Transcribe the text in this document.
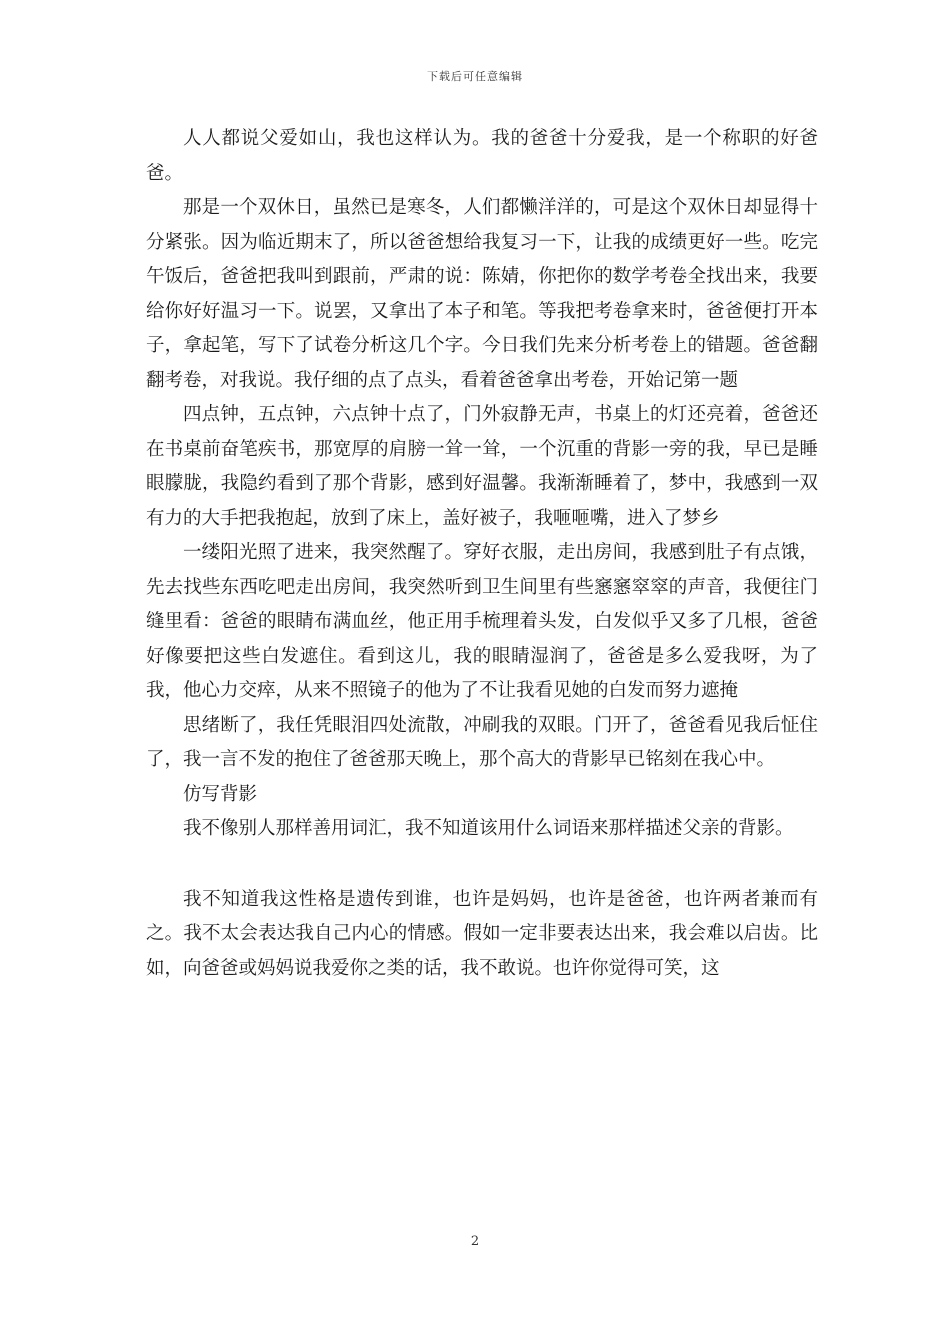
下载后可任意编辑

人人都说父爱如山，我也这样认为。我的爸爸十分爱我，是一个称职的好爸爸。

那是一个双休日，虽然已是寒冬，人们都懒洋洋的，可是这个双休日却显得十分紧张。因为临近期末了，所以爸爸想给我复习一下，让我的成绩更好一些。吃完午饭后，爸爸把我叫到跟前，严肃的说：陈婧，你把你的数学考卷全找出来，我要给你好好温习一下。说罢，又拿出了本子和笔。等我把考卷拿来时，爸爸便打开本子，拿起笔，写下了试卷分析这几个字。今日我们先来分析考卷上的错题。爸爸翻翻考卷，对我说。我仔细的点了点头，看着爸爸拿出考卷，开始记第一题

四点钟，五点钟，六点钟十点了，门外寂静无声，书桌上的灯还亮着，爸爸还在书桌前奋笔疾书，那宽厚的肩膀一耸一耸，一个沉重的背影一旁的我，早已是睡眼朦胧，我隐约看到了那个背影，感到好温馨。我渐渐睡着了，梦中，我感到一双有力的大手把我抱起，放到了床上，盖好被子，我咂咂嘴，进入了梦乡

一缕阳光照了进来，我突然醒了。穿好衣服，走出房间，我感到肚子有点饿，先去找些东西吃吧走出房间，我突然听到卫生间里有些窸窸窣窣的声音，我便往门缝里看：爸爸的眼睛布满血丝，他正用手梳理着头发，白发似乎又多了几根，爸爸好像要把这些白发遮住。看到这儿，我的眼睛湿润了，爸爸是多么爱我呀，为了我，他心力交瘁，从来不照镜子的他为了不让我看见她的白发而努力遮掩

思绪断了，我任凭眼泪四处流散，冲刷我的双眼。门开了，爸爸看见我后怔住了，我一言不发的抱住了爸爸那天晚上，那个高大的背影早已铭刻在我心中。

仿写背影

我不像别人那样善用词汇，我不知道该用什么词语来那样描述父亲的背影。

我不知道我这性格是遗传到谁，也许是妈妈，也许是爸爸，也许两者兼而有之。我不太会表达我自己内心的情感。假如一定非要表达出来，我会难以启齿。比如，向爸爸或妈妈说我爱你之类的话，我不敢说。也许你觉得可笑，这

2
